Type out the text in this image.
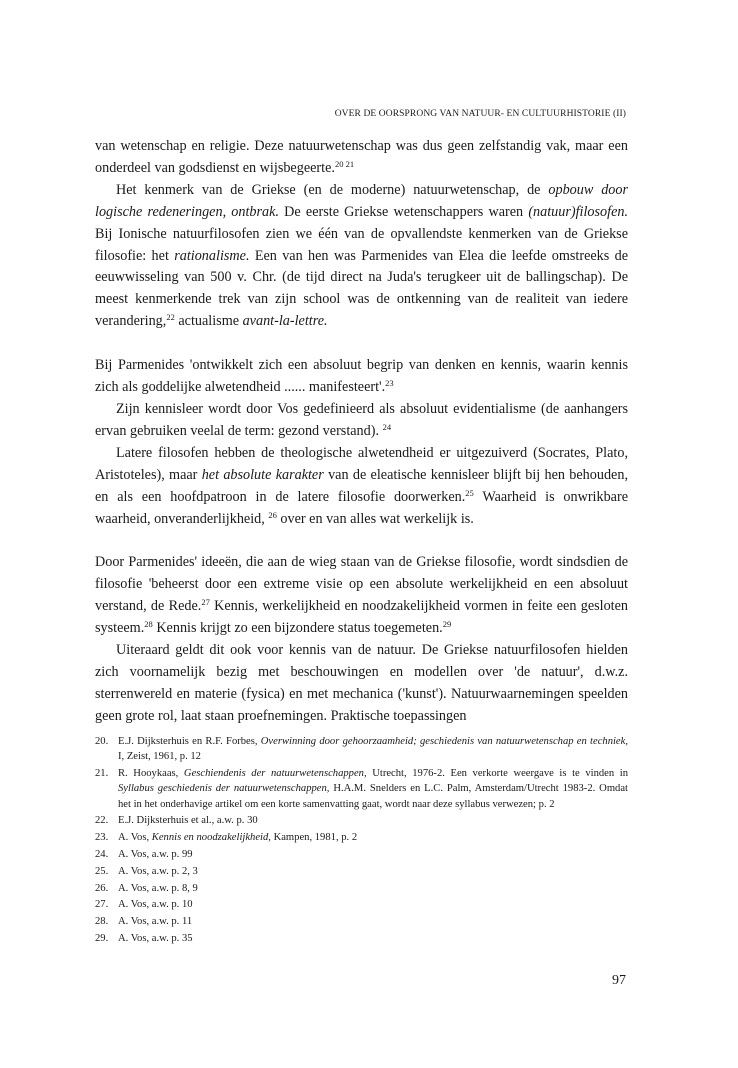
OVER DE OORSPRONG VAN NATUUR- EN CULTUURHISTORIE (II)

van wetenschap en religie. Deze natuurwetenschap was dus geen zelfstandig vak, maar een onderdeel van godsdienst en wijsbegeerte.$^{20 21}$

Het kenmerk van de Griekse (en de moderne) natuurwetenschap, de opbouw door logische redeneringen, ontbrak. De eerste Griekse wetenschappers waren (natuur)filosofen. Bij Ionische natuurfilosofen zien we één van de opvallendste kenmerken van de Griekse filosofie: het rationalisme. Een van hen was Parmenides van Elea die leefde omstreeks de eeuwwisseling van 500 v. Chr. (de tijd direct na Juda's terugkeer uit de ballingschap). De meest kenmerkende trek van zijn school was de ontkenning van de realiteit van iedere verandering,$^{22}$ actualisme avant-la-lettre.

Bij Parmenides 'ontwikkelt zich een absoluut begrip van denken en kennis, waarin kennis zich als goddelijke alwetendheid ...... manifesteert'.$^{23}$

Zijn kennisleer wordt door Vos gedefinieerd als absoluut evidentialisme (de aanhangers ervan gebruiken veelal de term: gezond verstand). $^{24}$

Latere filosofen hebben de theologische alwetendheid er uitgezuiverd (Socrates, Plato, Aristoteles), maar het absolute karakter van de eleatische kennisleer blijft bij hen behouden, en als een hoofdpatroon in de latere filosofie doorwerken.$^{25}$ Waarheid is onwrikbare waarheid, onveranderlijkheid, $^{26}$ over en van alles wat werkelijk is.

Door Parmenides' ideeën, die aan de wieg staan van de Griekse filosofie, wordt sindsdien de filosofie 'beheerst door een extreme visie op een absolute werkelijkheid en een absoluut verstand, de Rede.$^{27}$ Kennis, werkelijkheid en noodzakelijkheid vormen in feite een gesloten systeem.$^{28}$ Kennis krijgt zo een bijzondere status toegemeten.$^{29}$

Uiteraard geldt dit ook voor kennis van de natuur. De Griekse natuurfilosofen hielden zich voornamelijk bezig met beschouwingen en modellen over 'de natuur', d.w.z. sterrenwereld en materie (fysica) en met mechanica ('kunst'). Natuurwaarnemingen speelden geen grote rol, laat staan proefnemingen. Praktische toepassingen

20. E.J. Dijksterhuis en R.F. Forbes, Overwinning door gehoorzaamheid; geschiedenis van natuurwetenschap en techniek, I, Zeist, 1961, p. 12
21. R. Hooykaas, Geschiendenis der natuurwetenschappen, Utrecht, 1976-2. Een verkorte weergave is te vinden in Syllabus geschiedenis der natuurwetenschappen, H.A.M. Snelders en L.C. Palm, Amsterdam/Utrecht 1983-2. Omdat het in het onderhavige artikel om een korte samenvatting gaat, wordt naar deze syllabus verwezen; p. 2
22. E.J. Dijksterhuis et al., a.w. p. 30
23. A. Vos, Kennis en noodzakelijkheid, Kampen, 1981, p. 2
24. A. Vos, a.w. p. 99
25. A. Vos, a.w. p. 2, 3
26. A. Vos, a.w. p. 8, 9
27. A. Vos, a.w. p. 10
28. A. Vos, a.w. p. 11
29. A. Vos, a.w. p. 35
97
